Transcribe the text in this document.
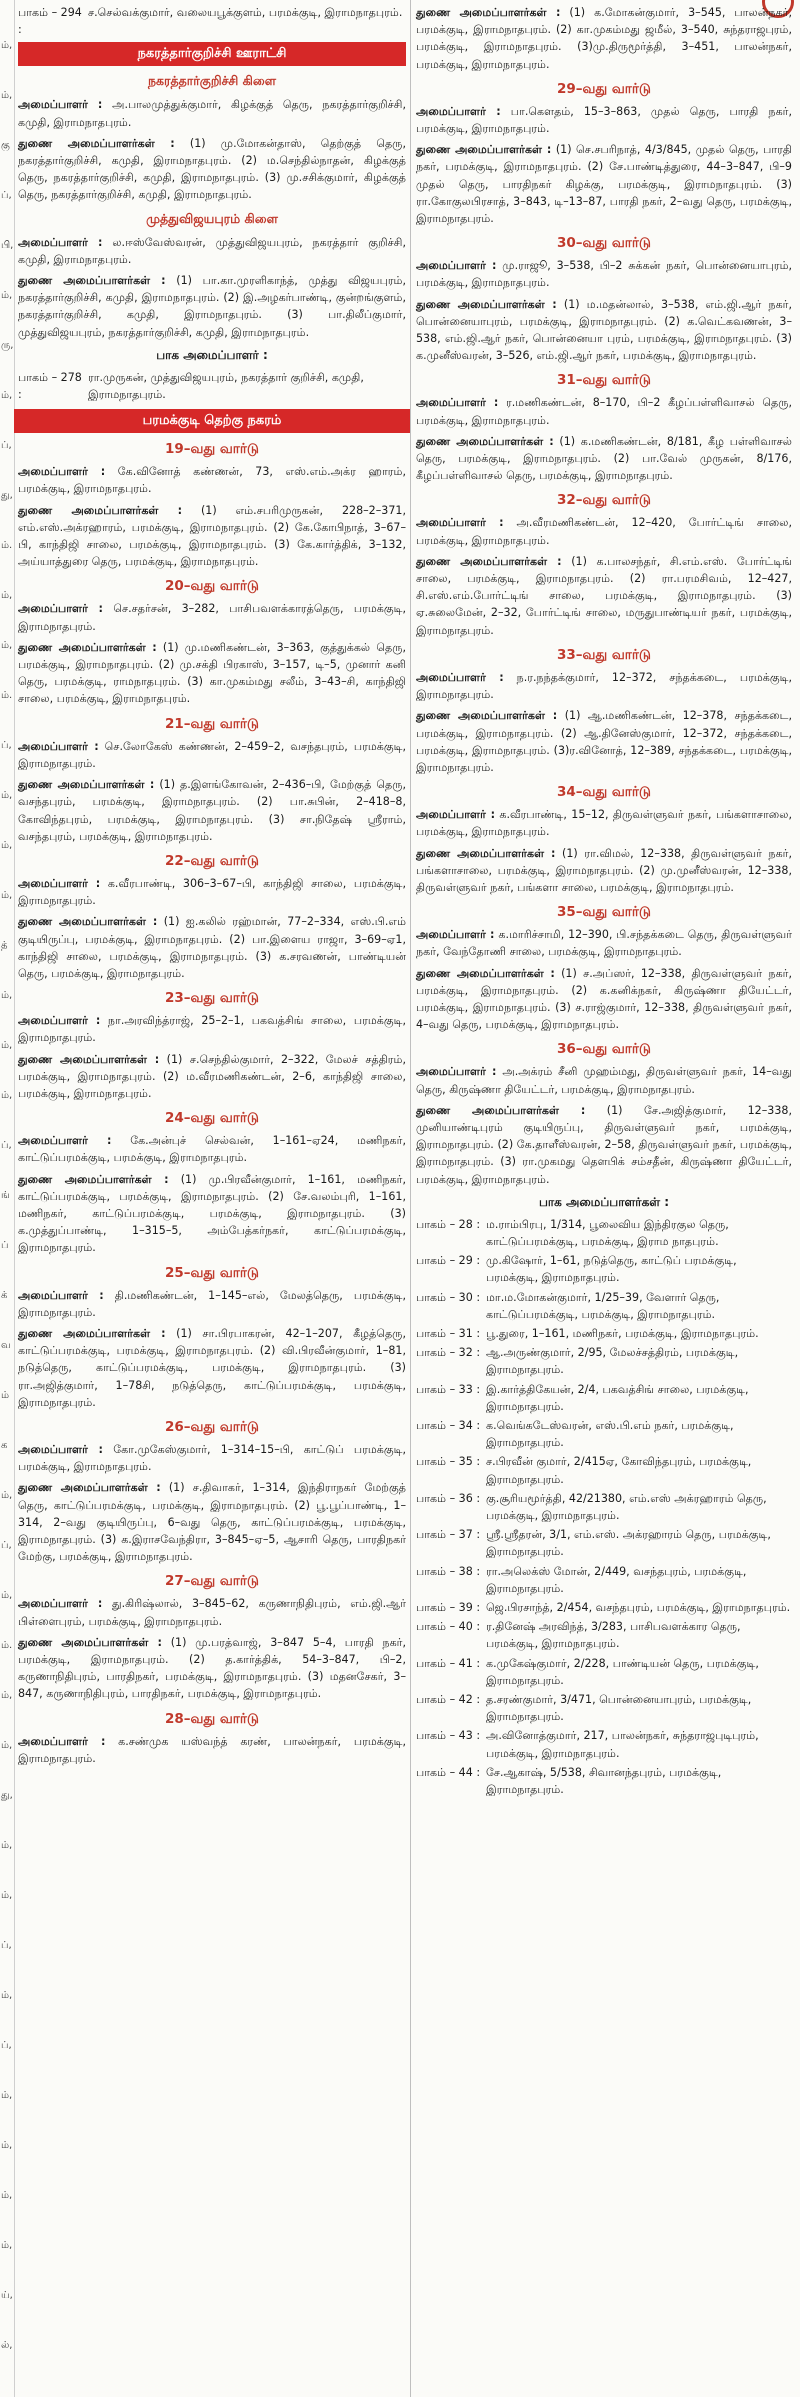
ம்,
ம்,
கு
ப்,
பி,
ம்,
ரு,
ம்,
ப்,
து,
ம்.
ம்,
ம்,
ம்.
ப்,
ம்,
ம்,
ம்,
த்
ம்,
ம்,
ம்,
ப்,
ங்
ப்
க்
வ
ம்
க
ம்,
ப்,
ம்,
ம்.
ம்,
ம்,
து,
ம்,
ம்,
ப்,
ம்,
ப்,
ம்,
ம்,
ம்,
ம்,
ய்,
ல்,
பாகம் – 294 :
ச.செல்வக்குமார், வலையபூக்குளம், பரமக்குடி, இராமநாதபுரம்.
நகரத்தார்குறிச்சி ஊராட்சி
நகரத்தார்குறிச்சி கிளை

அமைப்பாளர் : அ.பாலமுத்துக்குமார், கிழக்குத் தெரு, நகரத்தார்குறிச்சி, கமுதி, இராமநாதபுரம்.

துணை அமைப்பாளர்கள் : (1) மு.மோகன்தாஸ், தெற்குத் தெரு, நகரத்தார்குறிச்சி, கமுதி, இராமநாதபுரம். (2) ம.செந்தில்நாதன், கிழக்குத் தெரு, நகரத்தார்குறிச்சி, கமுதி, இராமநாதபுரம். (3) மு.சசிக்குமார், கிழக்குத் தெரு, நகரத்தார்குறிச்சி, கமுதி, இராமநாதபுரம்.

முத்துவிஜயபுரம் கிளை

அமைப்பாளர் : ல.ஈஸ்வேஸ்வரன், முத்துவிஜயபுரம், நகரத்தார் குறிச்சி, கமுதி, இராமநாதபுரம்.

துணை அமைப்பாளர்கள் : (1) பா.கா.முரளிகாந்த், முத்து விஜயபுரம், நகரத்தார்குறிச்சி, கமுதி, இராமநாதபுரம். (2) இ.அழகர்பாண்டி, குன்றங்குளம், நகரத்தார்குறிச்சி, கமுதி, இராமநாதபுரம். (3) பா.திலீப்குமார், முத்துவிஜயபுரம், நகரத்தார்குறிச்சி, கமுதி, இராமநாதபுரம்.

பாக அமைப்பாளர் :
பாகம் – 278 :
ரா.முருகன், முத்துவிஜயபுரம், நகரத்தார் குறிச்சி, கமுதி, இராமநாதபுரம்.
பரமக்குடி தெற்கு நகரம்
19–வது வார்டு

அமைப்பாளர் : கே.வினோத் கண்ணன், 73, எஸ்.எம்.அக்ர ஹாரம், பரமக்குடி, இராமநாதபுரம்.

துணை அமைப்பாளர்கள் : (1) எம்.சபரிமுருகன், 228–2–371, எம்.எஸ்.அக்ரஹாரம், பரமக்குடி, இராமநாதபுரம். (2) கே.கோபிநாத், 3–67–பி, காந்திஜி சாலை, பரமக்குடி, இராமநாதபுரம். (3) கே.கார்த்திக், 3–132, அய்யாத்துரை தெரு, பரமக்குடி, இராமநாதபுரம்.

20–வது வார்டு

அமைப்பாளர் : செ.சதர்சன், 3–282, பாசிபவளக்காரத்தெரு, பரமக்குடி, இராமநாதபுரம்.

துணை அமைப்பாளர்கள் : (1) மு.மணிகண்டன், 3–363, குத்துக்கல் தெரு, பரமக்குடி, இராமநாதபுரம். (2) மு.சக்தி பிரகாஸ், 3–157, டி–5, முனார் கனி தெரு, பரமக்குடி, ராமநாதபுரம். (3) கா.முகம்மது சலீம், 3–43–சி, காந்திஜி சாலை, பரமக்குடி, இராமநாதபுரம்.

21–வது வார்டு

அமைப்பாளர் : செ.லோகேஸ் கண்ணன், 2–459–2, வசந்தபுரம், பரமக்குடி, இராமநாதபுரம்.

துணை அமைப்பாளர்கள் : (1) த.இளங்கோவன், 2–436–பி, மேற்குத் தெரு, வசந்தபுரம், பரமக்குடி, இராமநாதபுரம். (2) பா.சுபின், 2–418–8, கோவிந்தபுரம், பரமக்குடி, இராமநாதபுரம். (3) சா.நிதேஷ் ஸ்ரீராம், வசந்தபுரம், பரமக்குடி, இராமநாதபுரம்.

22–வது வார்டு

அமைப்பாளர் : க.வீரபாண்டி, 306–3–67–பி, காந்திஜி சாலை, பரமக்குடி, இராமநாதபுரம்.

துணை அமைப்பாளர்கள் : (1) ஐ.கலில் ரஹ்மான், 77–2–334, எஸ்.பி.எம் குடியிருப்பு, பரமக்குடி, இராமநாதபுரம். (2) பா.இளைய ராஜா, 3–69–ஏ1, காந்திஜி சாலை, பரமக்குடி, இராமநாதபுரம். (3) க.சரவணன், பாண்டியன் தெரு, பரமக்குடி, இராமநாதபுரம்.

23–வது வார்டு

அமைப்பாளர் : நா.அரவிந்த்ராஜ், 25–2–1, பகவத்சிங் சாலை, பரமக்குடி, இராமநாதபுரம்.

துணை அமைப்பாளர்கள் : (1) ச.செந்தில்குமார், 2–322, மேலச் சத்திரம், பரமக்குடி, இராமநாதபுரம். (2) ம.வீரமணிகண்டன், 2–6, காந்திஜி சாலை, பரமக்குடி, இராமநாதபுரம்.

24–வது வார்டு

அமைப்பாளர் : கே.அன்புச் செல்வன், 1–161–ஏ24, மணிநகர், காட்டுப்பரமக்குடி, பரமக்குடி, இராமநாதபுரம்.

துணை அமைப்பாளர்கள் : (1) மு.பிரவீன்குமார், 1–161, மணிநகர், காட்டுப்பரமக்குடி, பரமக்குடி, இராமநாதபுரம். (2) சே.வலம்புரி, 1–161, மணிநகர், காட்டுப்பரமக்குடி, பரமக்குடி, இராமநாதபுரம். (3) க.முத்துப்பாண்டி, 1–315–5, அம்பேத்கர்நகர், காட்டுப்பரமக்குடி, இராமநாதபுரம்.

25–வது வார்டு

அமைப்பாளர் : தி.மணிகண்டன், 1–145–எல், மேலத்தெரு, பரமக்குடி, இராமநாதபுரம்.

துணை அமைப்பாளர்கள் : (1) சா.பிரபாகரன், 42–1–207, கீழத்தெரு, காட்டுப்பரமக்குடி, பரமக்குடி, இராமநாதபுரம். (2) வி.பிரவீன்குமார், 1–81, நடுத்தெரு, காட்டுப்பரமக்குடி, பரமக்குடி, இராமநாதபுரம். (3) ரா.அஜித்குமார், 1–78சி, நடுத்தெரு, காட்டுப்பரமக்குடி, பரமக்குடி, இராமநாதபுரம்.

26–வது வார்டு

அமைப்பாளர் : கோ.முகேஸ்குமார், 1–314–15–பி, காட்டுப் பரமக்குடி, பரமக்குடி, இராமநாதபுரம்.

துணை அமைப்பாளர்கள் : (1) ச.திவாகர், 1–314, இந்திராநகர் மேற்குத் தெரு, காட்டுப்பரமக்குடி, பரமக்குடி, இராமநாதபுரம். (2) பூ.பூப்பாண்டி, 1–314, 2–வது குடியிருப்பு, 6–வது தெரு, காட்டுப்பரமக்குடி, பரமக்குடி, இராமநாதபுரம். (3) க.இராசவேந்திரா, 3–845–ஏ–5, ஆசாரி தெரு, பாரதிநகர் மேற்கு, பரமக்குடி, இராமநாதபுரம்.

27–வது வார்டு

அமைப்பாளர் : து.கிரிஷ்லால், 3–845–62, கருணாநிதிபுரம், எம்.ஜி.ஆர் பிள்ளைபுரம், பரமக்குடி, இராமநாதபுரம்.

துணை அமைப்பாளர்கள் : (1) மு.பரத்வாஜ், 3–847 5–4, பாரதி நகர், பரமக்குடி, இராமநாதபுரம். (2) த.கார்த்திக், 54–3–847, பி–2, கருணாநிதிபுரம், பாரதிநகர், பரமக்குடி, இராமநாதபுரம். (3) மதனசேகர், 3–847, கருணாநிதிபுரம், பாரதிநகர், பரமக்குடி, இராமநாதபுரம்.

28–வது வார்டு

அமைப்பாளர் : க.சண்முக யஸ்வந்த் கரண், பாலன்நகர், பரமக்குடி, இராமநாதபுரம்.

துணை அமைப்பாளர்கள் : (1) க.மோகன்குமார், 3–545, பாலன்நகர், பரமக்குடி, இராமநாதபுரம். (2) கா.முகம்மது ஜமீல், 3–540, சுந்தராஜபுரம், பரமக்குடி, இராமநாதபுரம். (3)மு.திருமூர்த்தி, 3–451, பாலன்நகர், பரமக்குடி, இராமநாதபுரம்.

29–வது வார்டு

அமைப்பாளர் : பா.கௌதம், 15–3–863, முதல் தெரு, பாரதி நகர், பரமக்குடி, இராமநாதபுரம்.

துணை அமைப்பாளர்கள் : (1) செ.சபரிநாத், 4/3/845, முதல் தெரு, பாரதி நகர், பரமக்குடி, இராமநாதபுரம். (2) சே.பாண்டித்துரை, 44–3–847, பி–9 முதல் தெரு, பாரதிநகர் கிழக்கு, பரமக்குடி, இராமநாதபுரம். (3) ரா.கோகுலபிரசாத், 3–843, டி–13–87, பாரதி நகர், 2–வது தெரு, பரமக்குடி, இராமநாதபுரம்.

30–வது வார்டு

அமைப்பாளர் : மு.ராஜூ, 3–538, பி–2 சுக்கன் நகர், பொன்னையாபுரம், பரமக்குடி, இராமநாதபுரம்.

துணை அமைப்பாளர்கள் : (1) ம.மதன்லால், 3–538, எம்.ஜி.ஆர் நகர், பொன்னையாபுரம், பரமக்குடி, இராமநாதபுரம். (2) க.வெட்கவணன், 3–538, எம்.ஜி.ஆர் நகர், பொன்னையா புரம், பரமக்குடி, இராமநாதபுரம். (3) க.முனீஸ்வரன், 3–526, எம்.ஜி.ஆர் நகர், பரமக்குடி, இராமநாதபுரம்.

31–வது வார்டு

அமைப்பாளர் : ர.மணிகண்டன், 8–170, பி–2 கீழப்பள்ளிவாசல் தெரு, பரமக்குடி, இராமநாதபுரம்.

துணை அமைப்பாளர்கள் : (1) க.மணிகண்டன், 8/181, கீழ பள்ளிவாசல் தெரு, பரமக்குடி, இராமநாதபுரம். (2) பா.வேல் முருகன், 8/176, கீழப்பள்ளிவாசல் தெரு, பரமக்குடி, இராமநாதபுரம்.

32–வது வார்டு

அமைப்பாளர் : அ.வீரமணிகண்டன், 12–420, போர்ட்டிங் சாலை, பரமக்குடி, இராமநாதபுரம்.

துணை அமைப்பாளர்கள் : (1) க.பாலசந்தர், சி.எம்.எஸ். போர்ட்டிங் சாலை, பரமக்குடி, இராமநாதபுரம். (2) ரா.பரமசிவம், 12–427, சி.எஸ்.எம்.போர்ட்டிங் சாலை, பரமக்குடி, இராமநாதபுரம். (3) ஏ.சுலைமேன், 2–32, போர்ட்டிங் சாலை, மருதுபாண்டியர் நகர், பரமக்குடி, இராமநாதபுரம்.

33–வது வார்டு

அமைப்பாளர் : ந.ர.நந்தக்குமார், 12–372, சந்தக்கடை, பரமக்குடி, இராமநாதபுரம்.

துணை அமைப்பாளர்கள் : (1) ஆ.மணிகண்டன், 12–378, சந்தக்கடை, பரமக்குடி, இராமநாதபுரம். (2) ஆ.தினேஸ்குமார், 12–372, சந்தக்கடை, பரமக்குடி, இராமநாதபுரம். (3)ர.வினோத், 12–389, சந்தக்கடை, பரமக்குடி, இராமநாதபுரம்.

34–வது வார்டு

அமைப்பாளர் : க.வீரபாண்டி, 15–12, திருவள்ளுவர் நகர், பங்களாசாலை, பரமக்குடி, இராமநாதபுரம்.

துணை அமைப்பாளர்கள் : (1) ரா.விமல், 12–338, திருவள்ளுவர் நகர், பங்களாசாலை, பரமக்குடி, இராமநாதபுரம். (2) மு.முனீஸ்வரன், 12–338, திருவள்ளுவர் நகர், பங்களா சாலை, பரமக்குடி, இராமநாதபுரம்.

35–வது வார்டு

அமைப்பாளர் : க.மாரிச்சாமி, 12–390, பி.சந்தக்கடை தெரு, திருவள்ளுவர் நகர், வேந்தோணி சாலை, பரமக்குடி, இராமநாதபுரம்.

துணை அமைப்பாளர்கள் : (1) ச.அப்ஸர், 12–338, திருவள்ளுவர் நகர், பரமக்குடி, இராமநாதபுரம். (2) க.கனிக்நகர், கிருஷ்ணா தியேட்டர், பரமக்குடி, இராமநாதபுரம். (3) ச.ராஜ்குமார், 12–338, திருவள்ளுவர் நகர், 4–வது தெரு, பரமக்குடி, இராமநாதபுரம்.

36–வது வார்டு

அமைப்பாளர் : அ.அக்ரம் சீனி முஹம்மது, திருவள்ளுவர் நகர், 14–வது தெரு, கிருஷ்ணா தியேட்டர், பரமக்குடி, இராமநாதபுரம்.

துணை அமைப்பாளர்கள் : (1) சே.அஜித்குமார், 12–338, முனியாண்டிபுரம் குடியிருப்பு, திருவள்ளுவர் நகர், பரமக்குடி, இராமநாதபுரம். (2) கே.தாளீஸ்வரன், 2–58, திருவள்ளுவர் நகர், பரமக்குடி, இராமநாதபுரம். (3) ரா.முகமது தௌபிக் சம்சதீன், கிருஷ்ணா தியேட்டர், பரமக்குடி, இராமநாதபுரம்.

பாக அமைப்பாளர்கள் :
பாகம் – 28 : ம.ராம்பிரபு, 1/314, பூலைவிய இந்திரகுல தெரு, காட்டுப்பரமக்குடி, பரமக்குடி, இராம நாதபுரம்.
பாகம் – 29 : மு.கிஷோர், 1–61, நடுத்தெரு, காட்டுப் பரமக்குடி, பரமக்குடி, இராமநாதபுரம்.
பாகம் – 30 : மா.ம.மோகன்குமார், 1/25–39, வேளார் தெரு, காட்டுப்பரமக்குடி, பரமக்குடி, இராமநாதபுரம்.
பாகம் – 31 : பூ.துரை, 1–161, மணிநகர், பரமக்குடி, இராமநாதபுரம்.
பாகம் – 32 : ஆ.அருண்குமார், 2/95, மேலச்சத்திரம், பரமக்குடி, இராமநாதபுரம்.
பாகம் – 33 : இ.கார்த்திகேயன், 2/4, பகவத்சிங் சாலை, பரமக்குடி, இராமநாதபுரம்.
பாகம் – 34 : க.வெங்கடேஸ்வரன், எஸ்.பி.எம் நகர், பரமக்குடி, இராமநாதபுரம்.
பாகம் – 35 : ச.பிரவீன் குமார், 2/415ஏ, கோவிந்தபுரம், பரமக்குடி, இராமநாதபுரம்.
பாகம் – 36 : கு.சூரியமூர்த்தி, 42/21380, எம்.எஸ் அக்ரஹாரம் தெரு, பரமக்குடி, இராமநாதபுரம்.
பாகம் – 37 : ஸ்ரீ.ஸ்ரீதரன், 3/1, எம்.எஸ். அக்ரஹாரம் தெரு, பரமக்குடி, இராமநாதபுரம்.
பாகம் – 38 : ரா.அலெக்ஸ் மோன், 2/449, வசந்தபுரம், பரமக்குடி, இராமநாதபுரம்.
பாகம் – 39 : ஜெ.பிரசாந்த், 2/454, வசந்தபுரம், பரமக்குடி, இராமநாதபுரம்.
பாகம் – 40 : ர.தினேஷ் அரவிந்த், 3/283, பாசிபவளக்கார தெரு, பரமக்குடி, இராமநாதபுரம்.
பாகம் – 41 : க.முகேஷ்குமார், 2/228, பாண்டியன் தெரு, பரமக்குடி, இராமநாதபுரம்.
பாகம் – 42 : த.சரண்குமார், 3/471, பொன்னையாபுரம், பரமக்குடி, இராமநாதபுரம்.
பாகம் – 43 : அ.வினோத்குமார், 217, பாலன்நகர், சுந்தராஜபுடிபுரம், பரமக்குடி, இராமநாதபுரம்.
பாகம் – 44 : சே.ஆகாஷ், 5/538, சிவானந்தபுரம், பரமக்குடி, இராமநாதபுரம்.
